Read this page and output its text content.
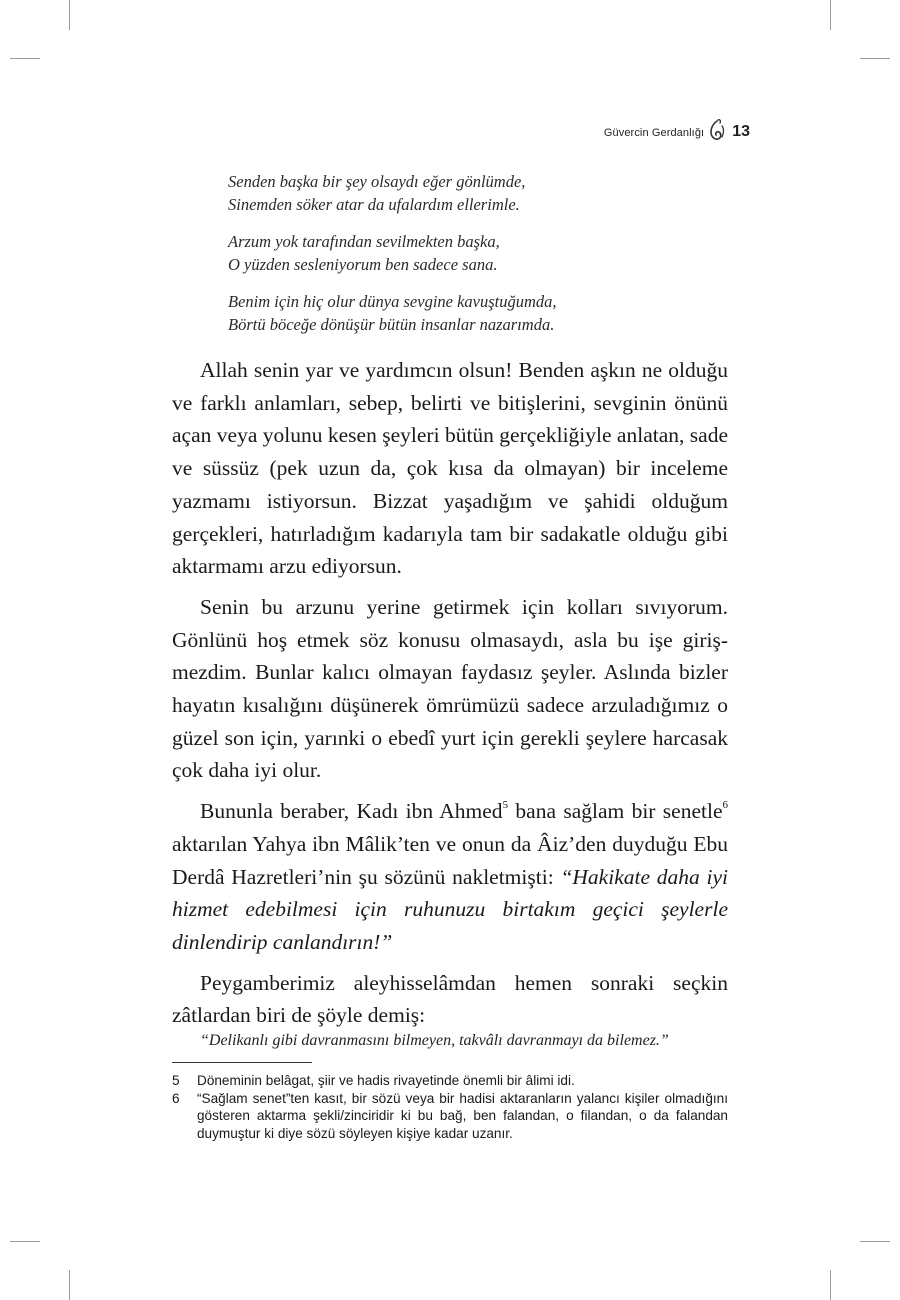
Güvercin Gerdanlığı 13
Senden başka bir şey olsaydı eğer gönlümde,
Sinemden söker atar da ufalardım ellerimle.
Arzum yok tarafından sevilmekten başka,
O yüzden sesleniyorum ben sadece sana.
Benim için hiç olur dünya sevgine kavuştuğumda,
Börtü böceğe dönüşür bütün insanlar nazarımda.

Allah senin yar ve yardımcın olsun! Benden aşkın ne olduğu ve farklı anlamları, sebep, belirti ve bitişlerini, sevginin önünü açan veya yolunu kesen şeyleri bütün gerçekliğiyle anlatan, sade ve süssüz (pek uzun da, çok kısa da olmayan) bir inceleme yazmamı istiyorsun. Bizzat yaşadığım ve şahidi olduğum gerçekleri, hatırladığım kadarıyla tam bir sadakatle olduğu gibi aktarmamı arzu ediyorsun.

Senin bu arzunu yerine getirmek için kolları sıvıyorum. Gönlünü hoş etmek söz konusu olmasaydı, asla bu işe girişmezdim. Bunlar kalıcı olmayan faydasız şeyler. Aslında bizler hayatın kısalığını düşünerek ömrümüzü sadece arzuladığımız o güzel son için, yarınki o ebedî yurt için gerekli şeylere harcasak çok daha iyi olur.

Bununla beraber, Kadı ibn Ahmed$^5$ bana sağlam bir senetle$^6$ aktarılan Yahya ibn Mâlik’ten ve onun da Âiz’den duyduğu Ebu Derdâ Hazretleri’nin şu sözünü nakletmişti: “Hakikate daha iyi hizmet edebilmesi için ruhunuzu birtakım geçici şeylerle dinlendirip canlandırın!”

Peygamberimiz aleyhisselâmdan hemen sonraki seçkin zâtlardan biri de şöyle demiş:

“Delikanlı gibi davranmasını bilmeyen, takvâlı davranmayı da bilemez.”
5	Döneminin belâgat, şiir ve hadis rivayetinde önemli bir âlimi idi.
6	“Sağlam senet”ten kasıt, bir sözü veya bir hadisi aktaranların yalancı kişiler olmadığını gösteren aktarma şekli/zinciridir ki bu bağ, ben falandan, o filandan, o da falandan duymuştur ki diye sözü söyleyen kişiye kadar uzanır.
